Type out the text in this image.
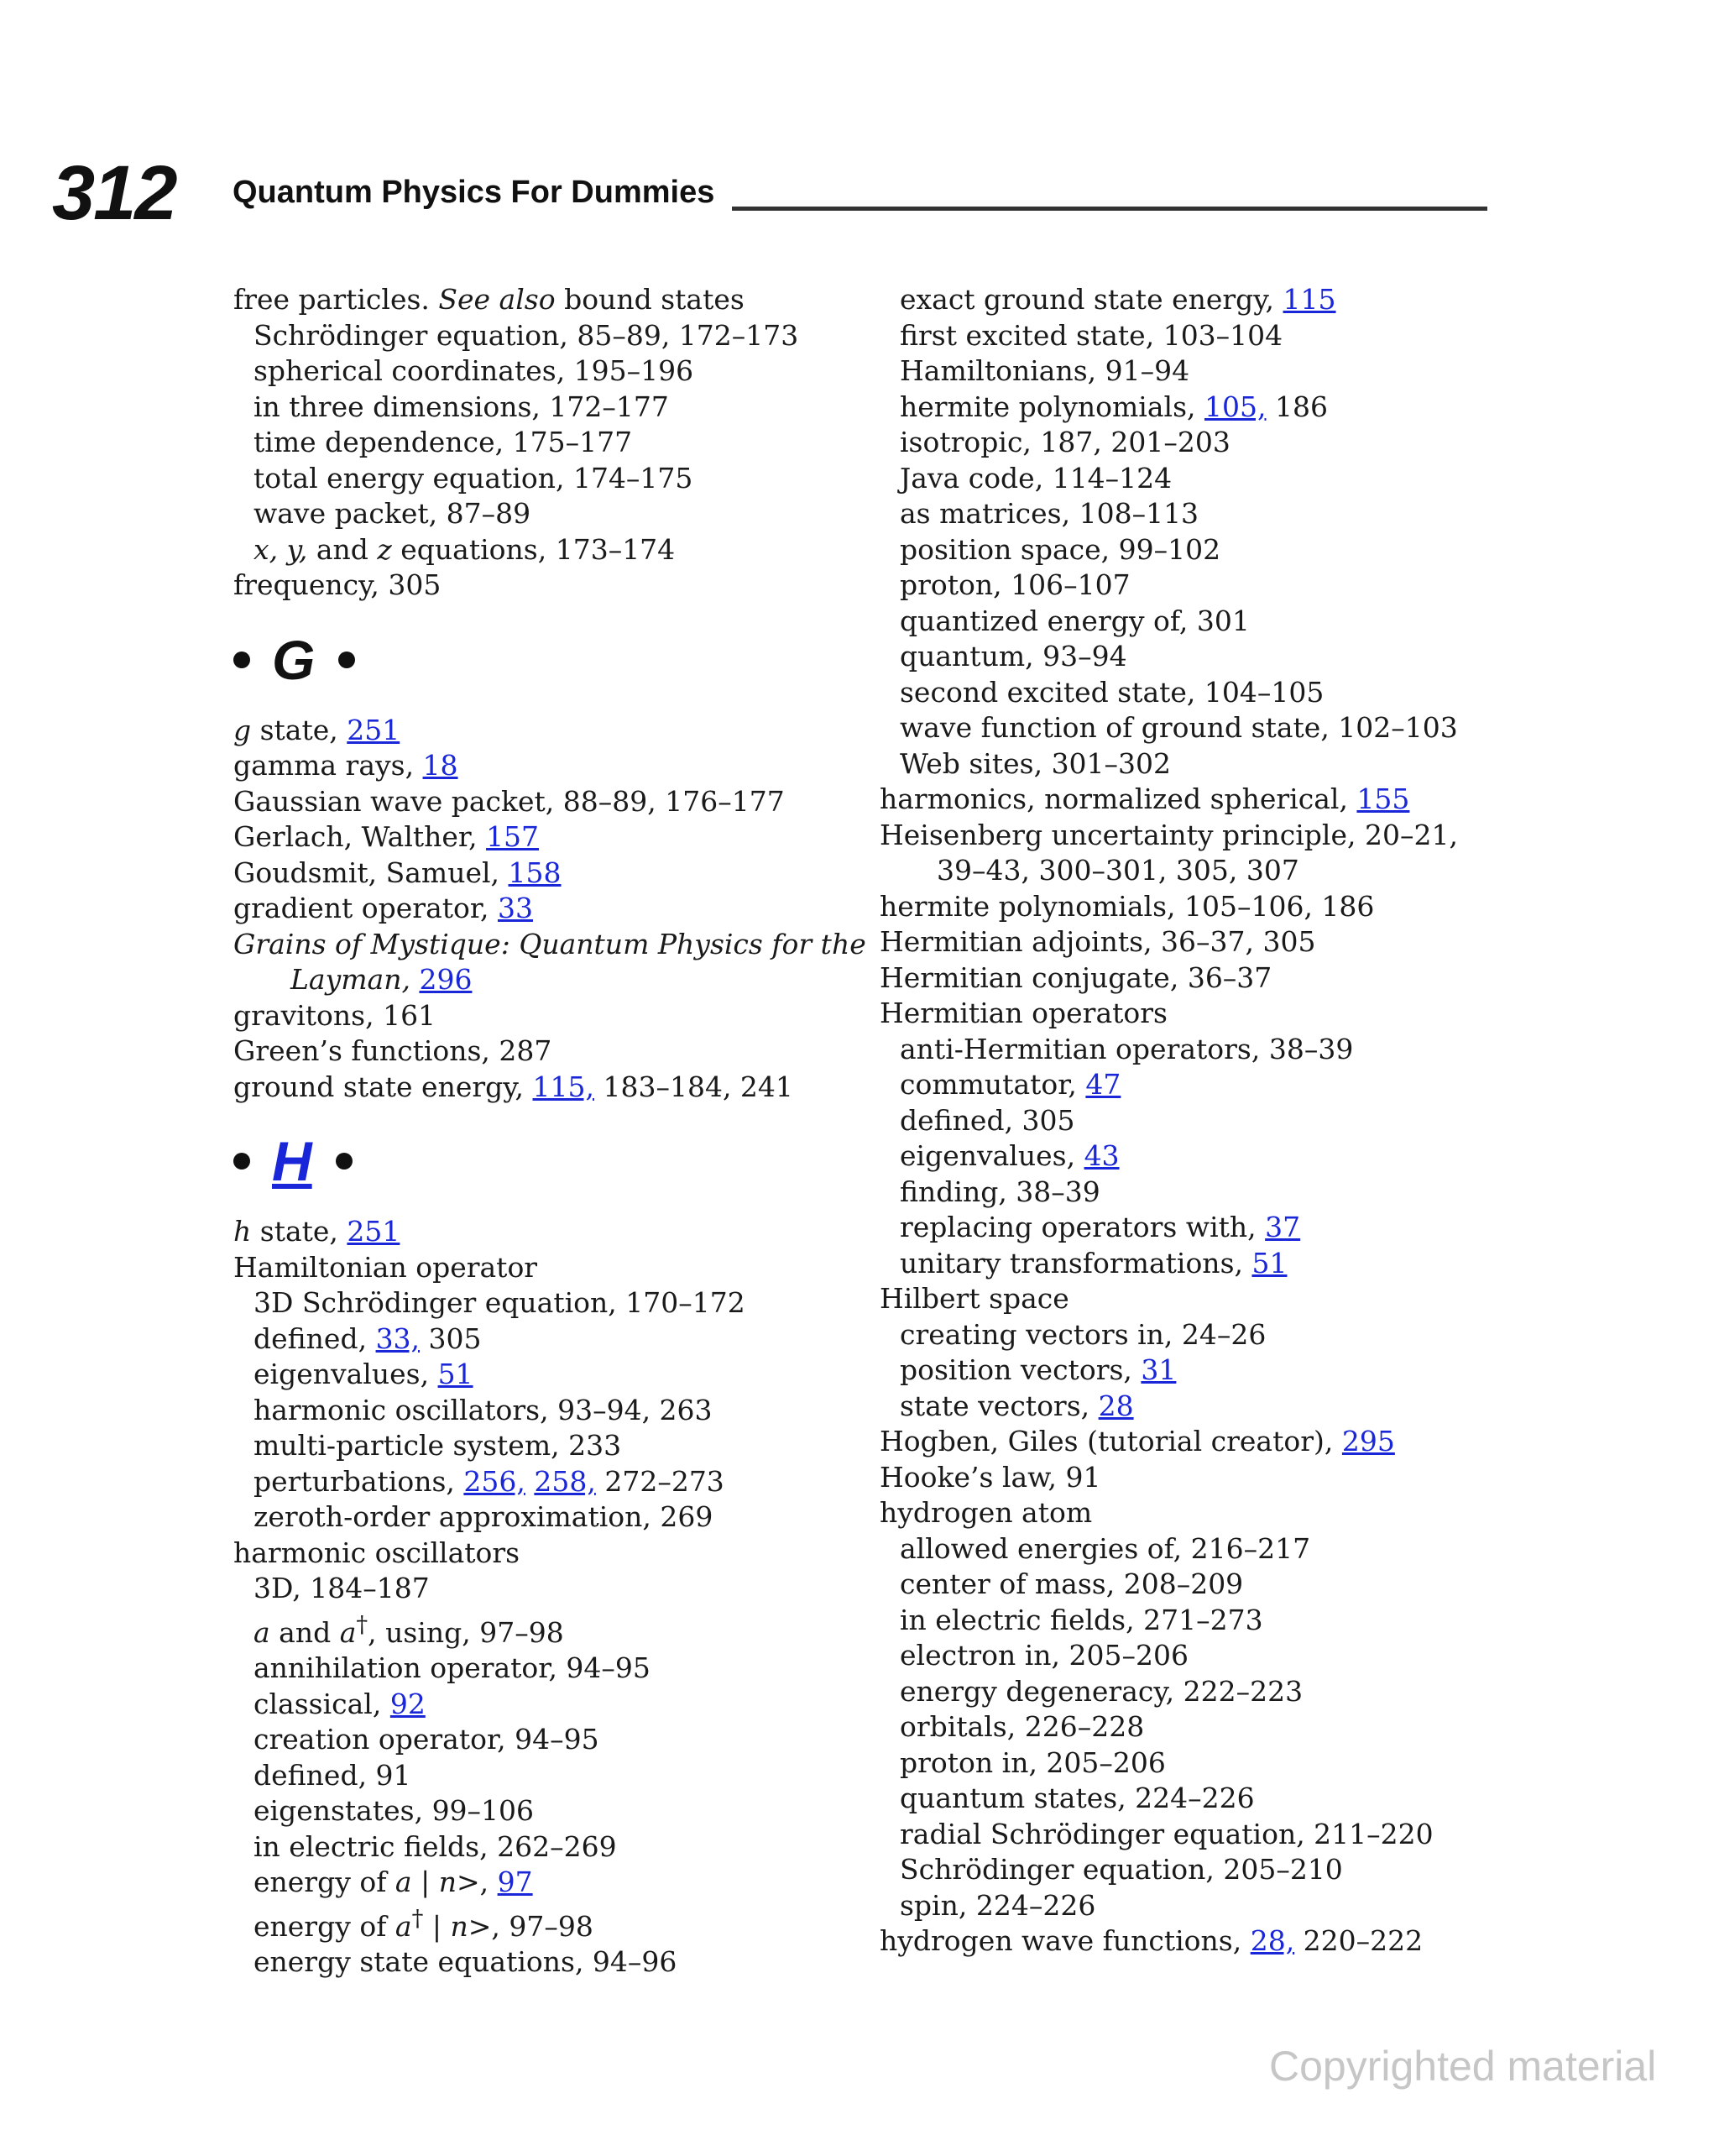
312 Quantum Physics For Dummies
free particles. See also bound states
Schrödinger equation, 85–89, 172–173
spherical coordinates, 195–196
in three dimensions, 172–177
time dependence, 175–177
total energy equation, 174–175
wave packet, 87–89
x, y, and z equations, 173–174
frequency, 305
G
g state, 251
gamma rays, 18
Gaussian wave packet, 88–89, 176–177
Gerlach, Walther, 157
Goudsmit, Samuel, 158
gradient operator, 33
Grains of Mystique: Quantum Physics for the
Layman, 296
gravitons, 161
Green’s functions, 287
ground state energy, 115, 183–184, 241
H
h state, 251
Hamiltonian operator
3D Schrödinger equation, 170–172
defined, 33, 305
eigenvalues, 51
harmonic oscillators, 93–94, 263
multi-particle system, 233
perturbations, 256, 258, 272–273
zeroth-order approximation, 269
harmonic oscillators
3D, 184–187
a and a†, using, 97–98
annihilation operator, 94–95
classical, 92
creation operator, 94–95
defined, 91
eigenstates, 99–106
in electric fields, 262–269
energy of a | n>, 97
energy of a† | n>, 97–98
energy state equations, 94–96
exact ground state energy, 115
first excited state, 103–104
Hamiltonians, 91–94
hermite polynomials, 105, 186
isotropic, 187, 201–203
Java code, 114–124
as matrices, 108–113
position space, 99–102
proton, 106–107
quantized energy of, 301
quantum, 93–94
second excited state, 104–105
wave function of ground state, 102–103
Web sites, 301–302
harmonics, normalized spherical, 155
Heisenberg uncertainty principle, 20–21,
39–43, 300–301, 305, 307
hermite polynomials, 105–106, 186
Hermitian adjoints, 36–37, 305
Hermitian conjugate, 36–37
Hermitian operators
anti-Hermitian operators, 38–39
commutator, 47
defined, 305
eigenvalues, 43
finding, 38–39
replacing operators with, 37
unitary transformations, 51
Hilbert space
creating vectors in, 24–26
position vectors, 31
state vectors, 28
Hogben, Giles (tutorial creator), 295
Hooke’s law, 91
hydrogen atom
allowed energies of, 216–217
center of mass, 208–209
in electric fields, 271–273
electron in, 205–206
energy degeneracy, 222–223
orbitals, 226–228
proton in, 205–206
quantum states, 224–226
radial Schrödinger equation, 211–220
Schrödinger equation, 205–210
spin, 224–226
hydrogen wave functions, 28, 220–222
Copyrighted material
